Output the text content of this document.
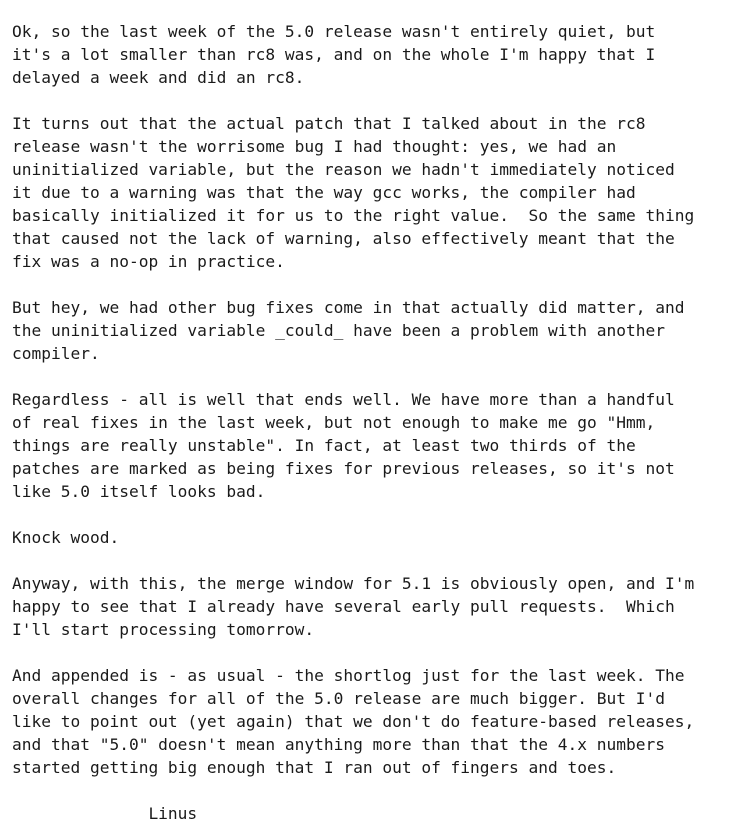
Ok, so the last week of the 5.0 release wasn't entirely quiet, but
it's a lot smaller than rc8 was, and on the whole I'm happy that I
delayed a week and did an rc8.
It turns out that the actual patch that I talked about in the rc8
release wasn't the worrisome bug I had thought: yes, we had an
uninitialized variable, but the reason we hadn't immediately noticed
it due to a warning was that the way gcc works, the compiler had
basically initialized it for us to the right value.  So the same thing
that caused not the lack of warning, also effectively meant that the
fix was a no-op in practice.
But hey, we had other bug fixes come in that actually did matter, and
the uninitialized variable _could_ have been a problem with another
compiler.
Regardless - all is well that ends well. We have more than a handful
of real fixes in the last week, but not enough to make me go "Hmm,
things are really unstable". In fact, at least two thirds of the
patches are marked as being fixes for previous releases, so it's not
like 5.0 itself looks bad.
Knock wood.
Anyway, with this, the merge window for 5.1 is obviously open, and I'm
happy to see that I already have several early pull requests.  Which
I'll start processing tomorrow.
And appended is - as usual - the shortlog just for the last week. The
overall changes for all of the 5.0 release are much bigger. But I'd
like to point out (yet again) that we don't do feature-based releases,
and that "5.0" doesn't mean anything more than that the 4.x numbers
started getting big enough that I ran out of fingers and toes.
Linus
